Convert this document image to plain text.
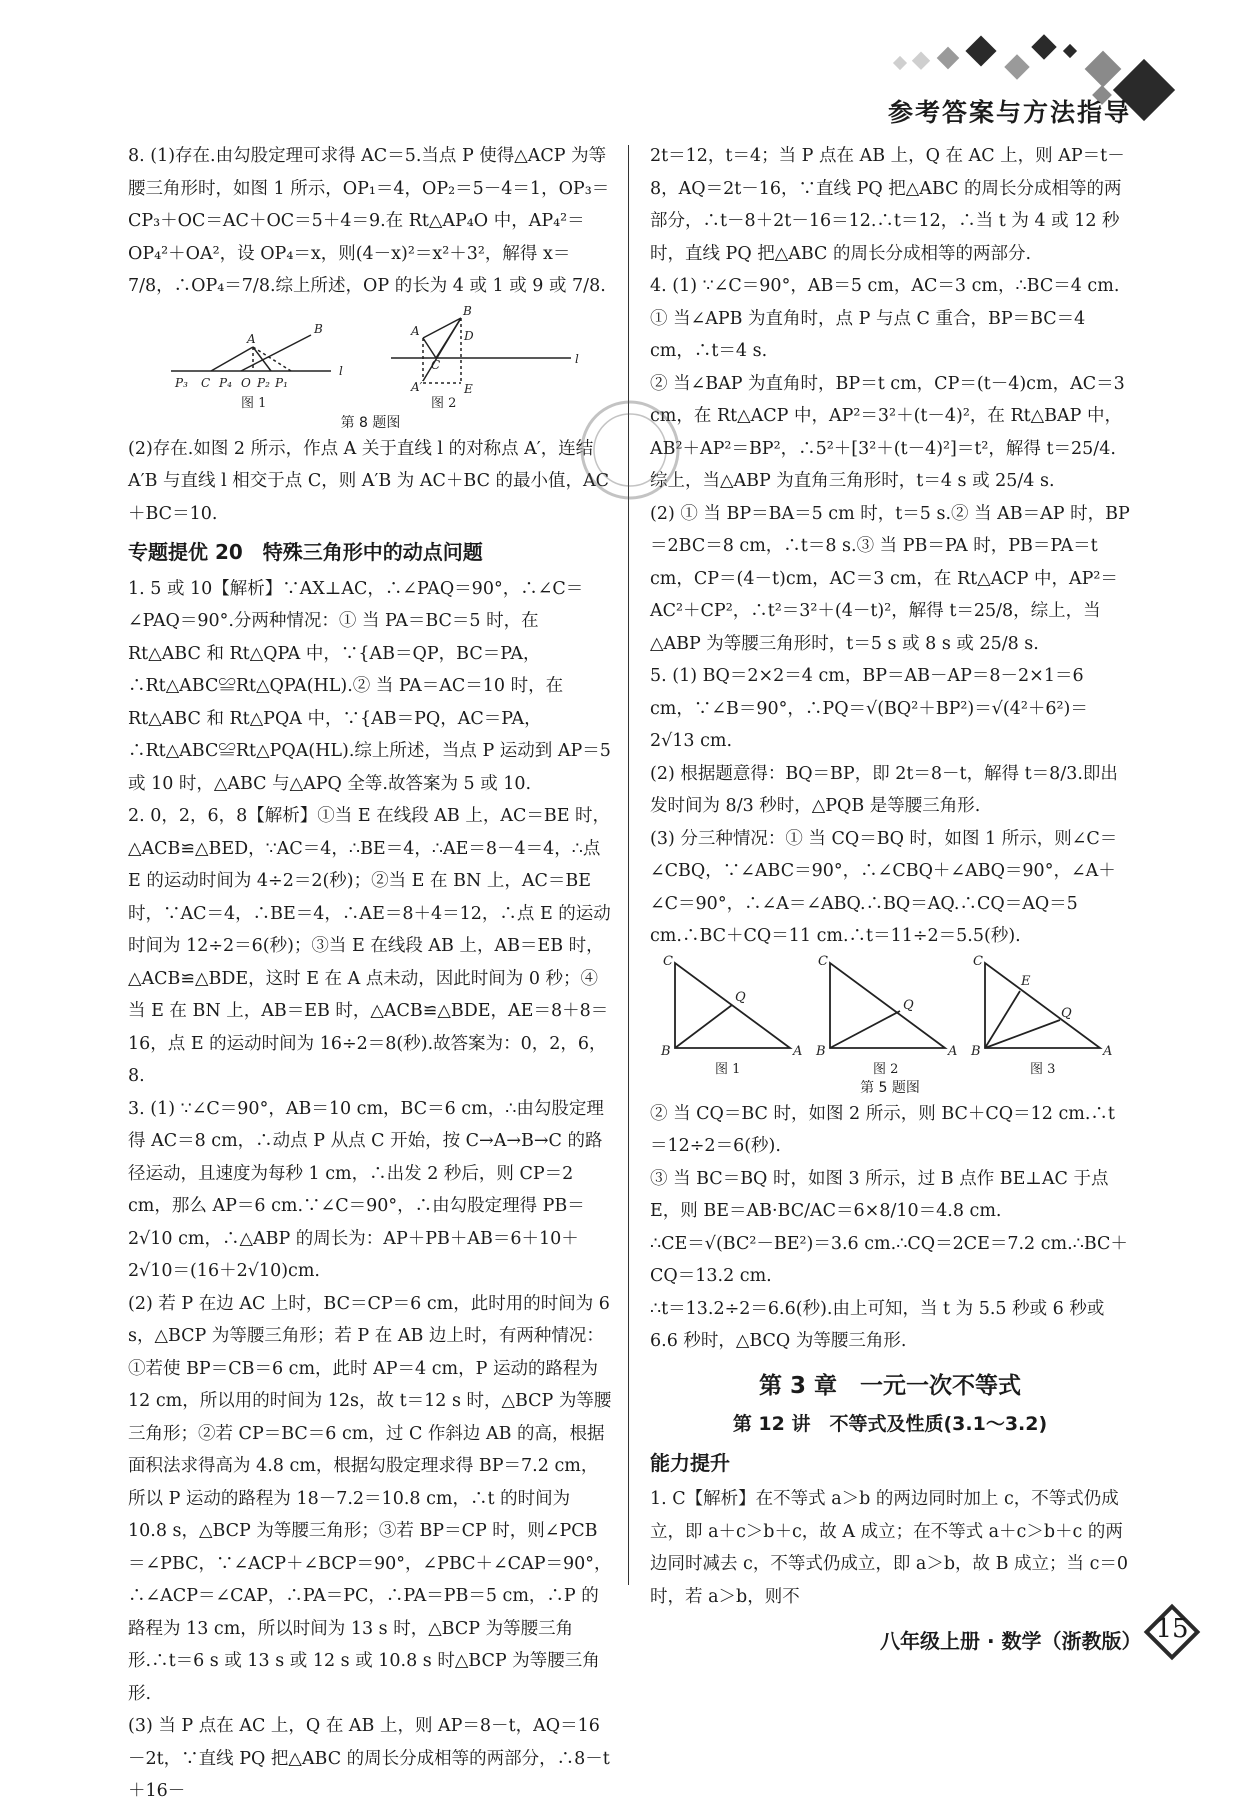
参考答案与方法指导

8. (1)存在.由勾股定理可求得 AC＝5.当点 P 使得△ACP 为等腰三角形时，如图 1 所示，OP₁＝4，OP₂＝5－4＝1，OP₃＝CP₃＋OC＝AC＋OC＝5＋4＝9.在 Rt△AP₄O 中，AP₄²＝OP₄²＋OA²，设 OP₄＝x，则(4－x)²＝x²＋3²，解得 x＝7/8，∴OP₄＝7/8.综上所述，OP 的长为 4 或 1 或 9 或 7/8.

B
A
l
P₃ C P₄ O P₂ P₁
B
A	D
C
A′	E
l
图 1	图 2
第 8 题图

(2)存在.如图 2 所示，作点 A 关于直线 l 的对称点 A′，连结 A′B 与直线 l 相交于点 C，则 A′B 为 AC＋BC 的最小值，AC＋BC＝10.

专题提优 20　特殊三角形中的动点问题

1. 5 或 10【解析】∵AX⊥AC，∴∠PAQ＝90°，∴∠C＝∠PAQ＝90°.分两种情况：① 当 PA＝BC＝5 时，在 Rt△ABC 和 Rt△QPA 中，∵{AB＝QP，BC＝PA，∴Rt△ABC≌Rt△QPA(HL).② 当 PA＝AC＝10 时，在 Rt△ABC 和 Rt△PQA 中，∵{AB＝PQ，AC＝PA，∴Rt△ABC≌Rt△PQA(HL).综上所述，当点 P 运动到 AP＝5 或 10 时，△ABC 与△APQ 全等.故答案为 5 或 10.

2. 0，2，6，8【解析】①当 E 在线段 AB 上，AC＝BE 时，△ACB≌△BED，∵AC＝4，∴BE＝4，∴AE＝8－4＝4，∴点 E 的运动时间为 4÷2＝2(秒)；②当 E 在 BN 上，AC＝BE 时，∵AC＝4，∴BE＝4，∴AE＝8＋4＝12，∴点 E 的运动时间为 12÷2＝6(秒)；③当 E 在线段 AB 上，AB＝EB 时，△ACB≌△BDE，这时 E 在 A 点未动，因此时间为 0 秒；④当 E 在 BN 上，AB＝EB 时，△ACB≌△BDE，AE＝8＋8＝16，点 E 的运动时间为 16÷2＝8(秒).故答案为：0，2，6，8.

3. (1) ∵∠C＝90°，AB＝10 cm，BC＝6 cm，∴由勾股定理得 AC＝8 cm，∴动点 P 从点 C 开始，按 C→A→B→C 的路径运动，且速度为每秒 1 cm，∴出发 2 秒后，则 CP＝2 cm，那么 AP＝6 cm.∵∠C＝90°，∴由勾股定理得 PB＝2√10 cm，∴△ABP 的周长为：AP＋PB＋AB＝6＋10＋2√10＝(16＋2√10)cm.

(2) 若 P 在边 AC 上时，BC＝CP＝6 cm，此时用的时间为 6 s，△BCP 为等腰三角形；若 P 在 AB 边上时，有两种情况：①若使 BP＝CB＝6 cm，此时 AP＝4 cm，P 运动的路程为 12 cm，所以用的时间为 12s，故 t＝12 s 时，△BCP 为等腰三角形；②若 CP＝BC＝6 cm，过 C 作斜边 AB 的高，根据面积法求得高为 4.8 cm，根据勾股定理求得 BP＝7.2 cm，所以 P 运动的路程为 18－7.2＝10.8 cm，∴t 的时间为 10.8 s，△BCP 为等腰三角形；③若 BP＝CP 时，则∠PCB＝∠PBC，∵∠ACP＋∠BCP＝90°，∠PBC＋∠CAP＝90°，∴∠ACP＝∠CAP，∴PA＝PC，∴PA＝PB＝5 cm，∴P 的路程为 13 cm，所以时间为 13 s 时，△BCP 为等腰三角形.∴t＝6 s 或 13 s 或 12 s 或 10.8 s 时△BCP 为等腰三角形.

(3) 当 P 点在 AC 上，Q 在 AB 上，则 AP＝8－t，AQ＝16－2t，∵直线 PQ 把△ABC 的周长分成相等的两部分，∴8－t＋16－

2t＝12，t＝4；当 P 点在 AB 上，Q 在 AC 上，则 AP＝t－8，AQ＝2t－16，∵直线 PQ 把△ABC 的周长分成相等的两部分，∴t－8＋2t－16＝12.∴t＝12，∴当 t 为 4 或 12 秒时，直线 PQ 把△ABC 的周长分成相等的两部分.

4. (1) ∵∠C＝90°，AB＝5 cm，AC＝3 cm，∴BC＝4 cm.

① 当∠APB 为直角时，点 P 与点 C 重合，BP＝BC＝4 cm，∴t＝4 s.

② 当∠BAP 为直角时，BP＝t cm，CP＝(t－4)cm，AC＝3 cm，在 Rt△ACP 中，AP²＝3²＋(t－4)²，在 Rt△BAP 中，AB²＋AP²＝BP²，∴5²＋[3²＋(t－4)²]＝t²，解得 t＝25/4.综上，当△ABP 为直角三角形时，t＝4 s 或 25/4 s.

(2) ① 当 BP＝BA＝5 cm 时，t＝5 s.② 当 AB＝AP 时，BP＝2BC＝8 cm，∴t＝8 s.③ 当 PB＝PA 时，PB＝PA＝t cm，CP＝(4－t)cm，AC＝3 cm，在 Rt△ACP 中，AP²＝AC²＋CP²，∴t²＝3²＋(4－t)²，解得 t＝25/8，综上，当△ABP 为等腰三角形时，t＝5 s 或 8 s 或 25/8 s.

5. (1) BQ＝2×2＝4 cm，BP＝AB－AP＝8－2×1＝6 cm，∵∠B＝90°，∴PQ＝√(BQ²＋BP²)＝√(4²＋6²)＝2√13 cm.

(2) 根据题意得：BQ＝BP，即 2t＝8－t，解得 t＝8/3.即出发时间为 8/3 秒时，△PQB 是等腰三角形.

(3) 分三种情况：① 当 CQ＝BQ 时，如图 1 所示，则∠C＝∠CBQ，∵∠ABC＝90°，∴∠CBQ＋∠ABQ＝90°，∠A＋∠C＝90°，∴∠A＝∠ABQ.∴BQ＝AQ.∴CQ＝AQ＝5 cm.∴BC＋CQ＝11 cm.∴t＝11÷2＝5.5(秒).

C
Q
B	A
C
Q
B	A
C
E
Q
B	A
图 1	图 2	图 3
第 5 题图

② 当 CQ＝BC 时，如图 2 所示，则 BC＋CQ＝12 cm.∴t＝12÷2＝6(秒).

③ 当 BC＝BQ 时，如图 3 所示，过 B 点作 BE⊥AC 于点 E，则 BE＝AB·BC/AC＝6×8/10＝4.8 cm.

∴CE＝√(BC²－BE²)＝3.6 cm.∴CQ＝2CE＝7.2 cm.∴BC＋CQ＝13.2 cm.

∴t＝13.2÷2＝6.6(秒).由上可知，当 t 为 5.5 秒或 6 秒或 6.6 秒时，△BCQ 为等腰三角形.

第 3 章　一元一次不等式

第 12 讲　不等式及性质(3.1～3.2)

能力提升

1. C【解析】在不等式 a＞b 的两边同时加上 c，不等式仍成立，即 a＋c＞b＋c，故 A 成立；在不等式 a＋c＞b＋c 的两边同时减去 c，不等式仍成立，即 a＞b，故 B 成立；当 c＝0 时，若 a＞b，则不

八年级上册 · 数学（浙教版） 15
